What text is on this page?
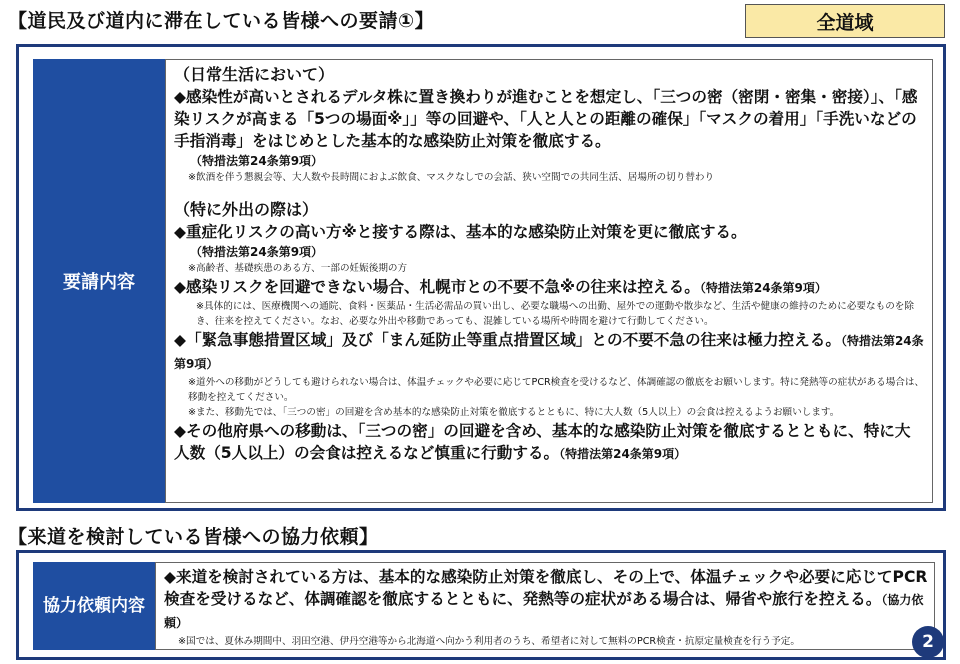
【道民及び道内に滞在している皆様への要請①】	全道域
要請内容
（日常生活において）
◆感染性が高いとされるデルタ株に置き換わりが進むことを想定し、「三つの密（密閉・密集・密接）」、「感染リスクが高まる「5つの場面※」」等の回避や、「人と人との距離の確保」「マスクの着用」「手洗いなどの手指消毒」をはじめとした基本的な感染防止対策を徹底する。
（特措法第24条第9項）
※飲酒を伴う懇親会等、大人数や長時間におよぶ飲食、マスクなしでの会話、狭い空間での共同生活、居場所の切り替わり
（特に外出の際は）
◆重症化リスクの高い方※と接する際は、基本的な感染防止対策を更に徹底する。
（特措法第24条第9項）
※高齢者、基礎疾患のある方、一部の妊娠後期の方
◆感染リスクを回避できない場合、札幌市との不要不急※の往来は控える。（特措法第24条第9項）
※具体的には、医療機関への通院、食料・医薬品・生活必需品の買い出し、必要な職場への出勤、屋外での運動や散歩など、生活や健康の維持のために必要なものを除き、往来を控えてください。なお、必要な外出や移動であっても、混雑している場所や時間を避けて行動してください。
◆「緊急事態措置区域」及び「まん延防止等重点措置区域」との不要不急の往来は極力控える。（特措法第24条第9項）
※道外への移動がどうしても避けられない場合は、体温チェックや必要に応じてPCR検査を受けるなど、体調確認の徹底をお願いします。特に発熱等の症状がある場合は、移動を控えてください。
※また、移動先では、「三つの密」の回避を含め基本的な感染防止対策を徹底するとともに、特に大人数（5人以上）の会食は控えるようお願いします。
◆その他府県への移動は、「三つの密」の回避を含め、基本的な感染防止対策を徹底するとともに、特に大人数（5人以上）の会食は控えるなど慎重に行動する。（特措法第24条第9項）
【来道を検討している皆様への協力依頼】
協力依頼 内容
◆来道を検討されている方は、基本的な感染防止対策を徹底し、その上で、体温チェックや必要に応じてPCR検査を受けるなど、体調確認を徹底するとともに、発熱等の症状がある場合は、帰省や旅行を控える。（協力依頼）
※国では、夏休み期間中、羽田空港、伊丹空港等から北海道へ向かう利用者のうち、希望者に対して無料のPCR検査・抗原定量検査を行う予定。	2
